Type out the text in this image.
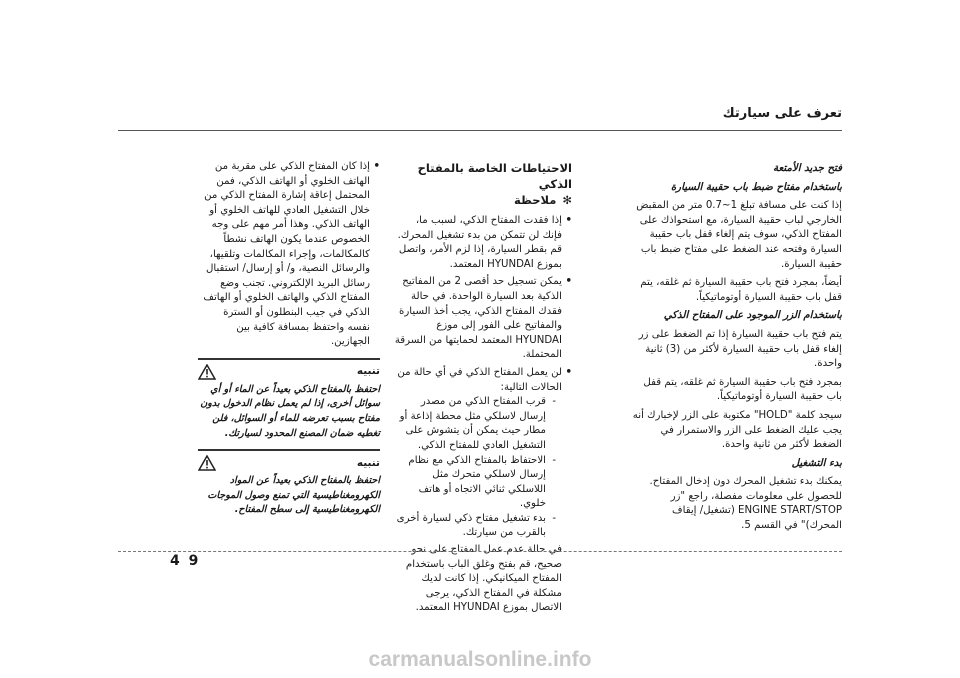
تعرف على سيارتك

فتح جديد الأمتعة

باستخدام مفتاح ضبط باب حقيبة السيارة

إذا كنت على مسافة تبلغ 1~0.7 متر من المقبض الخارجي لباب حقيبة السيارة، مع استحواذك على المفتاح الذكي، سوف يتم إلغاء قفل باب حقيبة السيارة وفتحه عند الضغط على مفتاح ضبط باب حقيبة السيارة.

أيضاً، بمجرد فتح باب حقيبة السيارة ثم غلقه، يتم قفل باب حقيبة السيارة أوتوماتيكياً.

باستخدام الزر الموجود على المفتاح الذكي

يتم فتح باب حقيبة السيارة إذا تم الضغط على زر إلغاء قفل باب حقيبة السيارة لأكثر من (3) ثانية واحدة.

بمجرد فتح باب حقيبة السيارة ثم غلقه، يتم قفل باب حقيبة السيارة أوتوماتيكياً.

سيجد كلمة "HOLD" مكتوبة على الزر لإخبارك أنه يجب عليك الضغط على الزر والاستمرار في الضغط لأكثر من ثانية واحدة.

بدء التشغيل

يمكنك بدء تشغيل المحرك دون إدخال المفتاح. للحصول على معلومات مفصلة، راجع "زر ENGINE START/STOP (تشغيل/ إيقاف المحرك)" في القسم 5.

الاحتياطات الخاصة بالمفتاح الذكي
✻ملاحظة
• إذا فقدت المفتاح الذكي، لسبب ما، فإنك لن تتمكن من بدء تشغيل المحرك. قم بقطر السيارة، إذا لزم الأمر، واتصل بموزع HYUNDAI المعتمد.
• يمكن تسجيل حد أقصى 2 من المفاتيح الذكية بعد السيارة الواحدة. في حالة فقدك المفتاح الذكي، يجب أخذ السيارة والمفاتيح على الفور إلى موزع HYUNDAI المعتمد لحمايتها من السرقة المحتملة.
• لن يعمل المفتاح الذكي في أي حالة من الحالات التالية:
- قرب المفتاح الذكي من مصدر إرسال لاسلكي مثل محطة إذاعة أو مطار حيث يمكن أن يتشوش على التشغيل العادي للمفتاح الذكي.
- الاحتفاظ بالمفتاح الذكي مع نظام إرسال لاسلكي متحرك مثل اللاسلكي ثنائي الاتجاه أو هاتف خلوي.
- بدء تشغيل مفتاح ذكي لسيارة أخرى بالقرب من سيارتك.

في حالة عدم عمل المفتاح على نحو صحيح، قم بفتح وغلق الباب باستخدام المفتاح الميكانيكي. إذا كانت لديك مشكلة في المفتاح الذكي، يرجى الاتصال بموزع HYUNDAI المعتمد.

• إذا كان المفتاح الذكي على مقربة من الهاتف الخلوي أو الهاتف الذكي، فمن المحتمل إعاقة إشارة المفتاح الذكي من خلال التشغيل العادي للهاتف الخلوي أو الهاتف الذكي. وهذا أمر مهم على وجه الخصوص عندما يكون الهاتف نشطاً كالمكالمات، وإجراء المكالمات وتلقيها، والرسائل النصية، و/ أو إرسال/ استقبال رسائل البريد الإلكتروني. تجنب وضع المفتاح الذكي والهاتف الخلوي أو الهاتف الذكي في جيب البنطلون أو السترة نفسه واحتفظ بمسافة كافية بين الجهازين.
تنبيه
احتفظ بالمفتاح الذكي بعيداً عن الماء أو أي سوائل أخرى، إذا لم يعمل نظام الدخول بدون مفتاح بسبب تعرضه للماء أو السوائل، فلن تغطيه ضمان المصنع المحدود لسيارتك.
تنبيه
احتفظ بالمفتاح الذكي بعيداً عن المواد الكهرومغناطيسية التي تمنع وصول الموجات الكهرومغناطيسية إلى سطح المفتاح.
4 9
carmanualsonline.info
